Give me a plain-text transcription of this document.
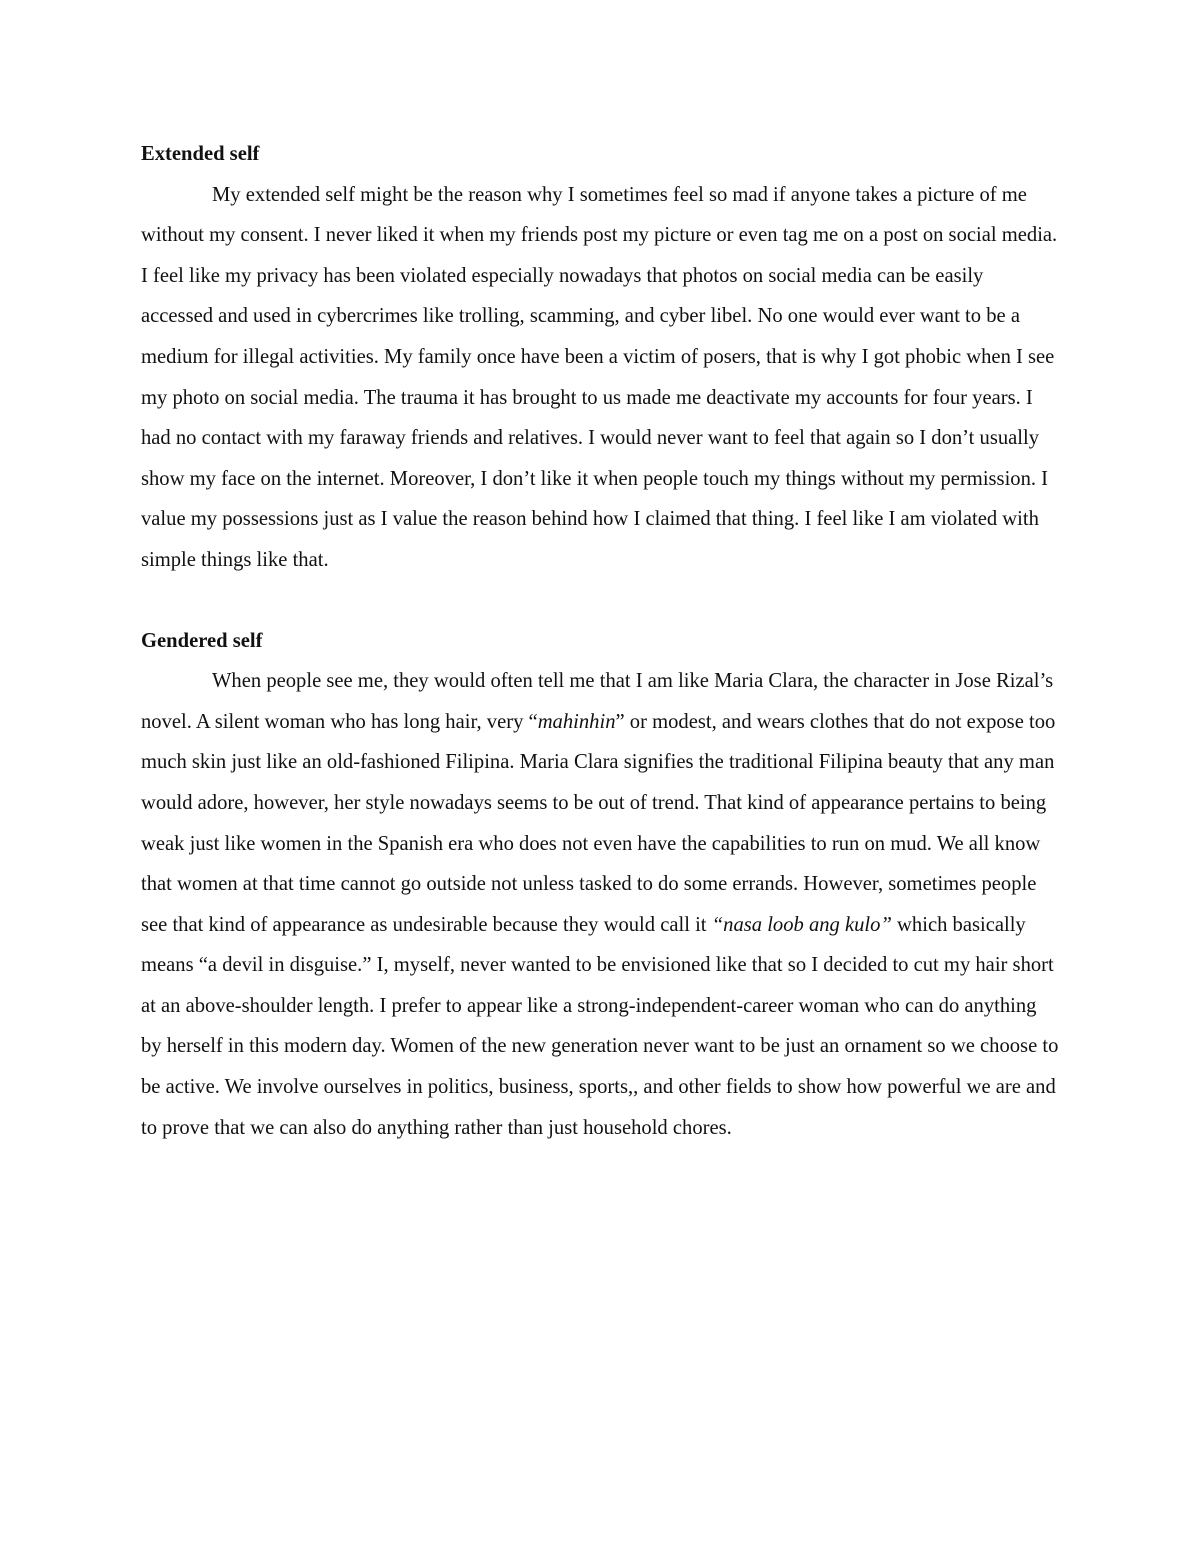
Extended self

My extended self might be the reason why I sometimes feel so mad if anyone takes a picture of me without my consent. I never liked it when my friends post my picture or even tag me on a post on social media. I feel like my privacy has been violated especially nowadays that photos on social media can be easily accessed and used in cybercrimes like trolling, scamming, and cyber libel. No one would ever want to be a medium for illegal activities. My family once have been a victim of posers, that is why I got phobic when I see my photo on social media. The trauma it has brought to us made me deactivate my accounts for four years. I had no contact with my faraway friends and relatives. I would never want to feel that again so I don’t usually show my face on the internet. Moreover, I don’t like it when people touch my things without my permission. I value my possessions just as I value the reason behind how I claimed that thing. I feel like I am violated with simple things like that.

Gendered self

When people see me, they would often tell me that I am like Maria Clara, the character in Jose Rizal’s novel. A silent woman who has long hair, very “mahinhin” or modest, and wears clothes that do not expose too much skin just like an old-fashioned Filipina. Maria Clara signifies the traditional Filipina beauty that any man would adore, however, her style nowadays seems to be out of trend. That kind of appearance pertains to being weak just like women in the Spanish era who does not even have the capabilities to run on mud. We all know that women at that time cannot go outside not unless tasked to do some errands. However, sometimes people see that kind of appearance as undesirable because they would call it “nasa loob ang kulo” which basically means “a devil in disguise.” I, myself, never wanted to be envisioned like that so I decided to cut my hair short at an above-shoulder length. I prefer to appear like a strong-independent-career woman who can do anything by herself in this modern day. Women of the new generation never want to be just an ornament so we choose to be active. We involve ourselves in politics, business, sports,, and other fields to show how powerful we are and to prove that we can also do anything rather than just household chores.
